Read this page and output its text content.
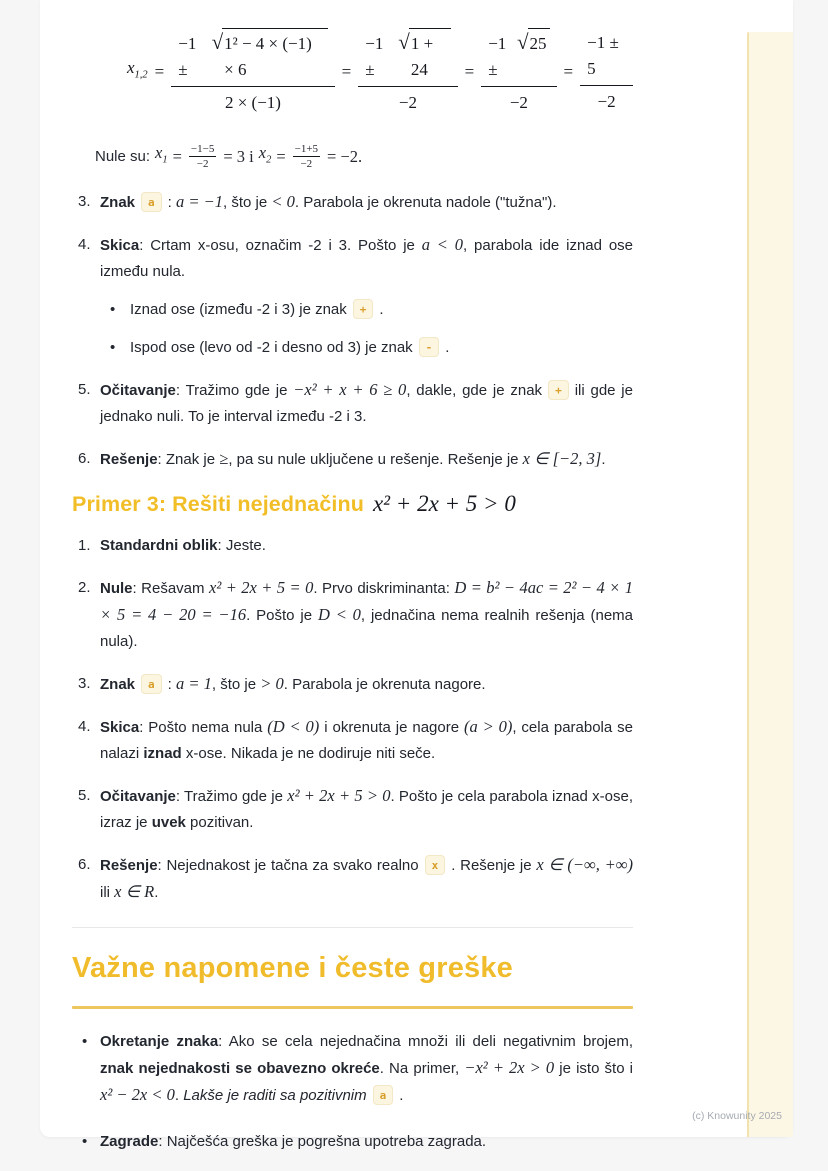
$x_{1,2} = -1$ ±
√ 1² − 4 × (−1) × 6
2 × (−1) = −1 ±
√ 1 + 24
−2 = −1 ±
√ 25
$-2 = \frac{-1 \pm 5}{-2}$
Nule su: $x_1 = \frac{-1-5}{-2} = 3$ i $x_2 = \frac{-1+5}{-2} = -2$.
3. Znak a : a = −1, što je < 0. Parabola je okrenuta nadole ("tužna").
4. Skica: Crtam x-osu, označim -2 i 3. Pošto je a < 0, parabola ide iznad ose između nula.
• Iznad ose (između -2 i 3) je znak + .
• Ispod ose (levo od -2 i desno od 3) je znak - .
5. Očitavanje: Tražimo gde je −x² + x + 6 ≥ 0, dakle, gde je znak + ili gde je jednako nuli. To je interval između -2 i 3.
6. Rešenje: Znak je ≥, pa su nule uključene u rešenje. Rešenje je x ∈ [−2, 3].
Primer 3: Rešiti nejednačinu x² + 2x + 5 > 0
1. Standardni oblik: Jeste.
2. Nule: Rešavam x² + 2x + 5 = 0. Prvo diskriminanta: D = b² − 4ac = 2² − 4 × 1 × 5 = 4 − 20 = −16. Pošto je D < 0, jednačina nema realnih rešenja (nema nula).
3. Znak a : a = 1, što je > 0. Parabola je okrenuta nagore.
4. Skica: Pošto nema nula (D < 0) i okrenuta je nagore (a > 0), cela parabola se nalazi iznad x-ose. Nikada je ne dodiruje niti seče.
5. Očitavanje: Tražimo gde je x² + 2x + 5 > 0. Pošto je cela parabola iznad x-ose, izraz je uvek pozitivan.
6. Rešenje: Nejednakost je tačna za svako realno x . Rešenje je x ∈ (−∞, +∞) ili x ∈ R.
Važne napomene i česte greške
• Okretanje znaka: Ako se cela nejednačina množi ili deli negativnim brojem, znak nejednakosti se obavezno okreće. Na primer, −x² + 2x > 0 je isto što i x² − 2x < 0. Lakše je raditi sa pozitivnim a .
• Zagrade: Najčešća greška je pogrešna upotreba zagrada.
(c) Knowunity 2025
